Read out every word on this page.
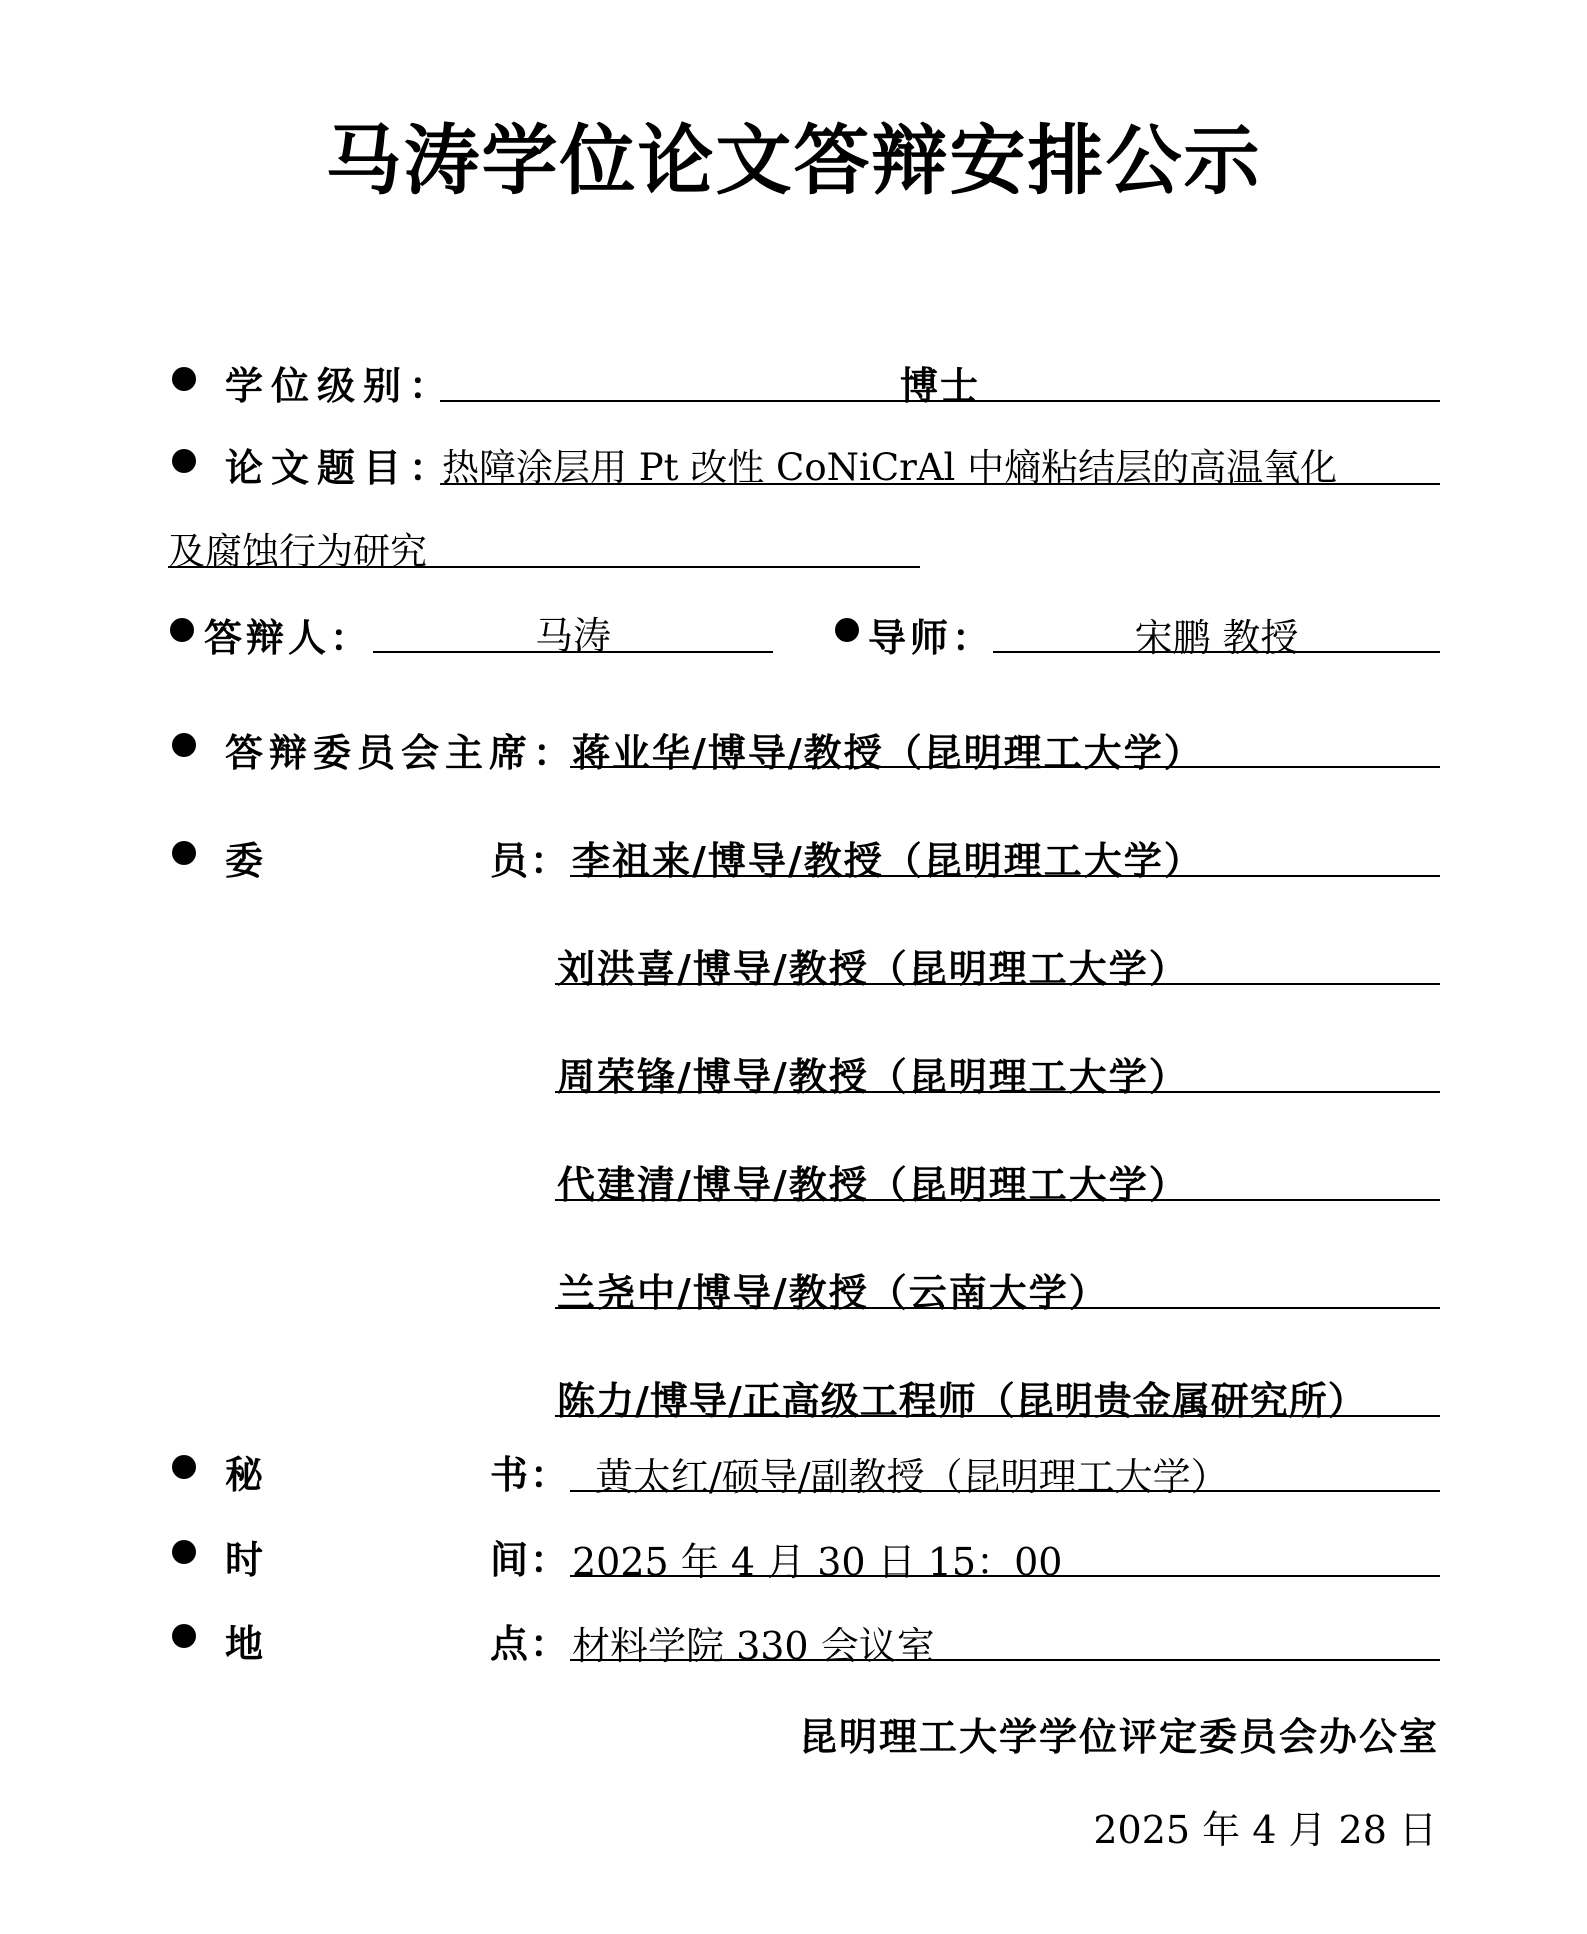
马涛学位论文答辩安排公示
学位级别：	博士
论文题目：
热障涂层用 Pt 改性 CoNiCrAl 中熵粘结层的高温氧化
及腐蚀行为研究
答辩人：	马涛	导师：	宋鹏 教授
答辩委员会主席：
蒋业华/博导/教授（昆明理工大学）
委	员： 李祖来/博导/教授（昆明理工大学）
刘洪喜/博导/教授（昆明理工大学）
周荣锋/博导/教授（昆明理工大学）
代建清/博导/教授（昆明理工大学）
兰尧中/博导/教授（云南大学）
陈力/博导/正高级工程师（昆明贵金属研究所）
秘	书： 黄太红/硕导/副教授（昆明理工大学）
时	间： 2025 年 4 月 30 日 15：00
地	点： 材料学院 330 会议室
昆明理工大学学位评定委员会办公室
2025 年 4 月 28 日
